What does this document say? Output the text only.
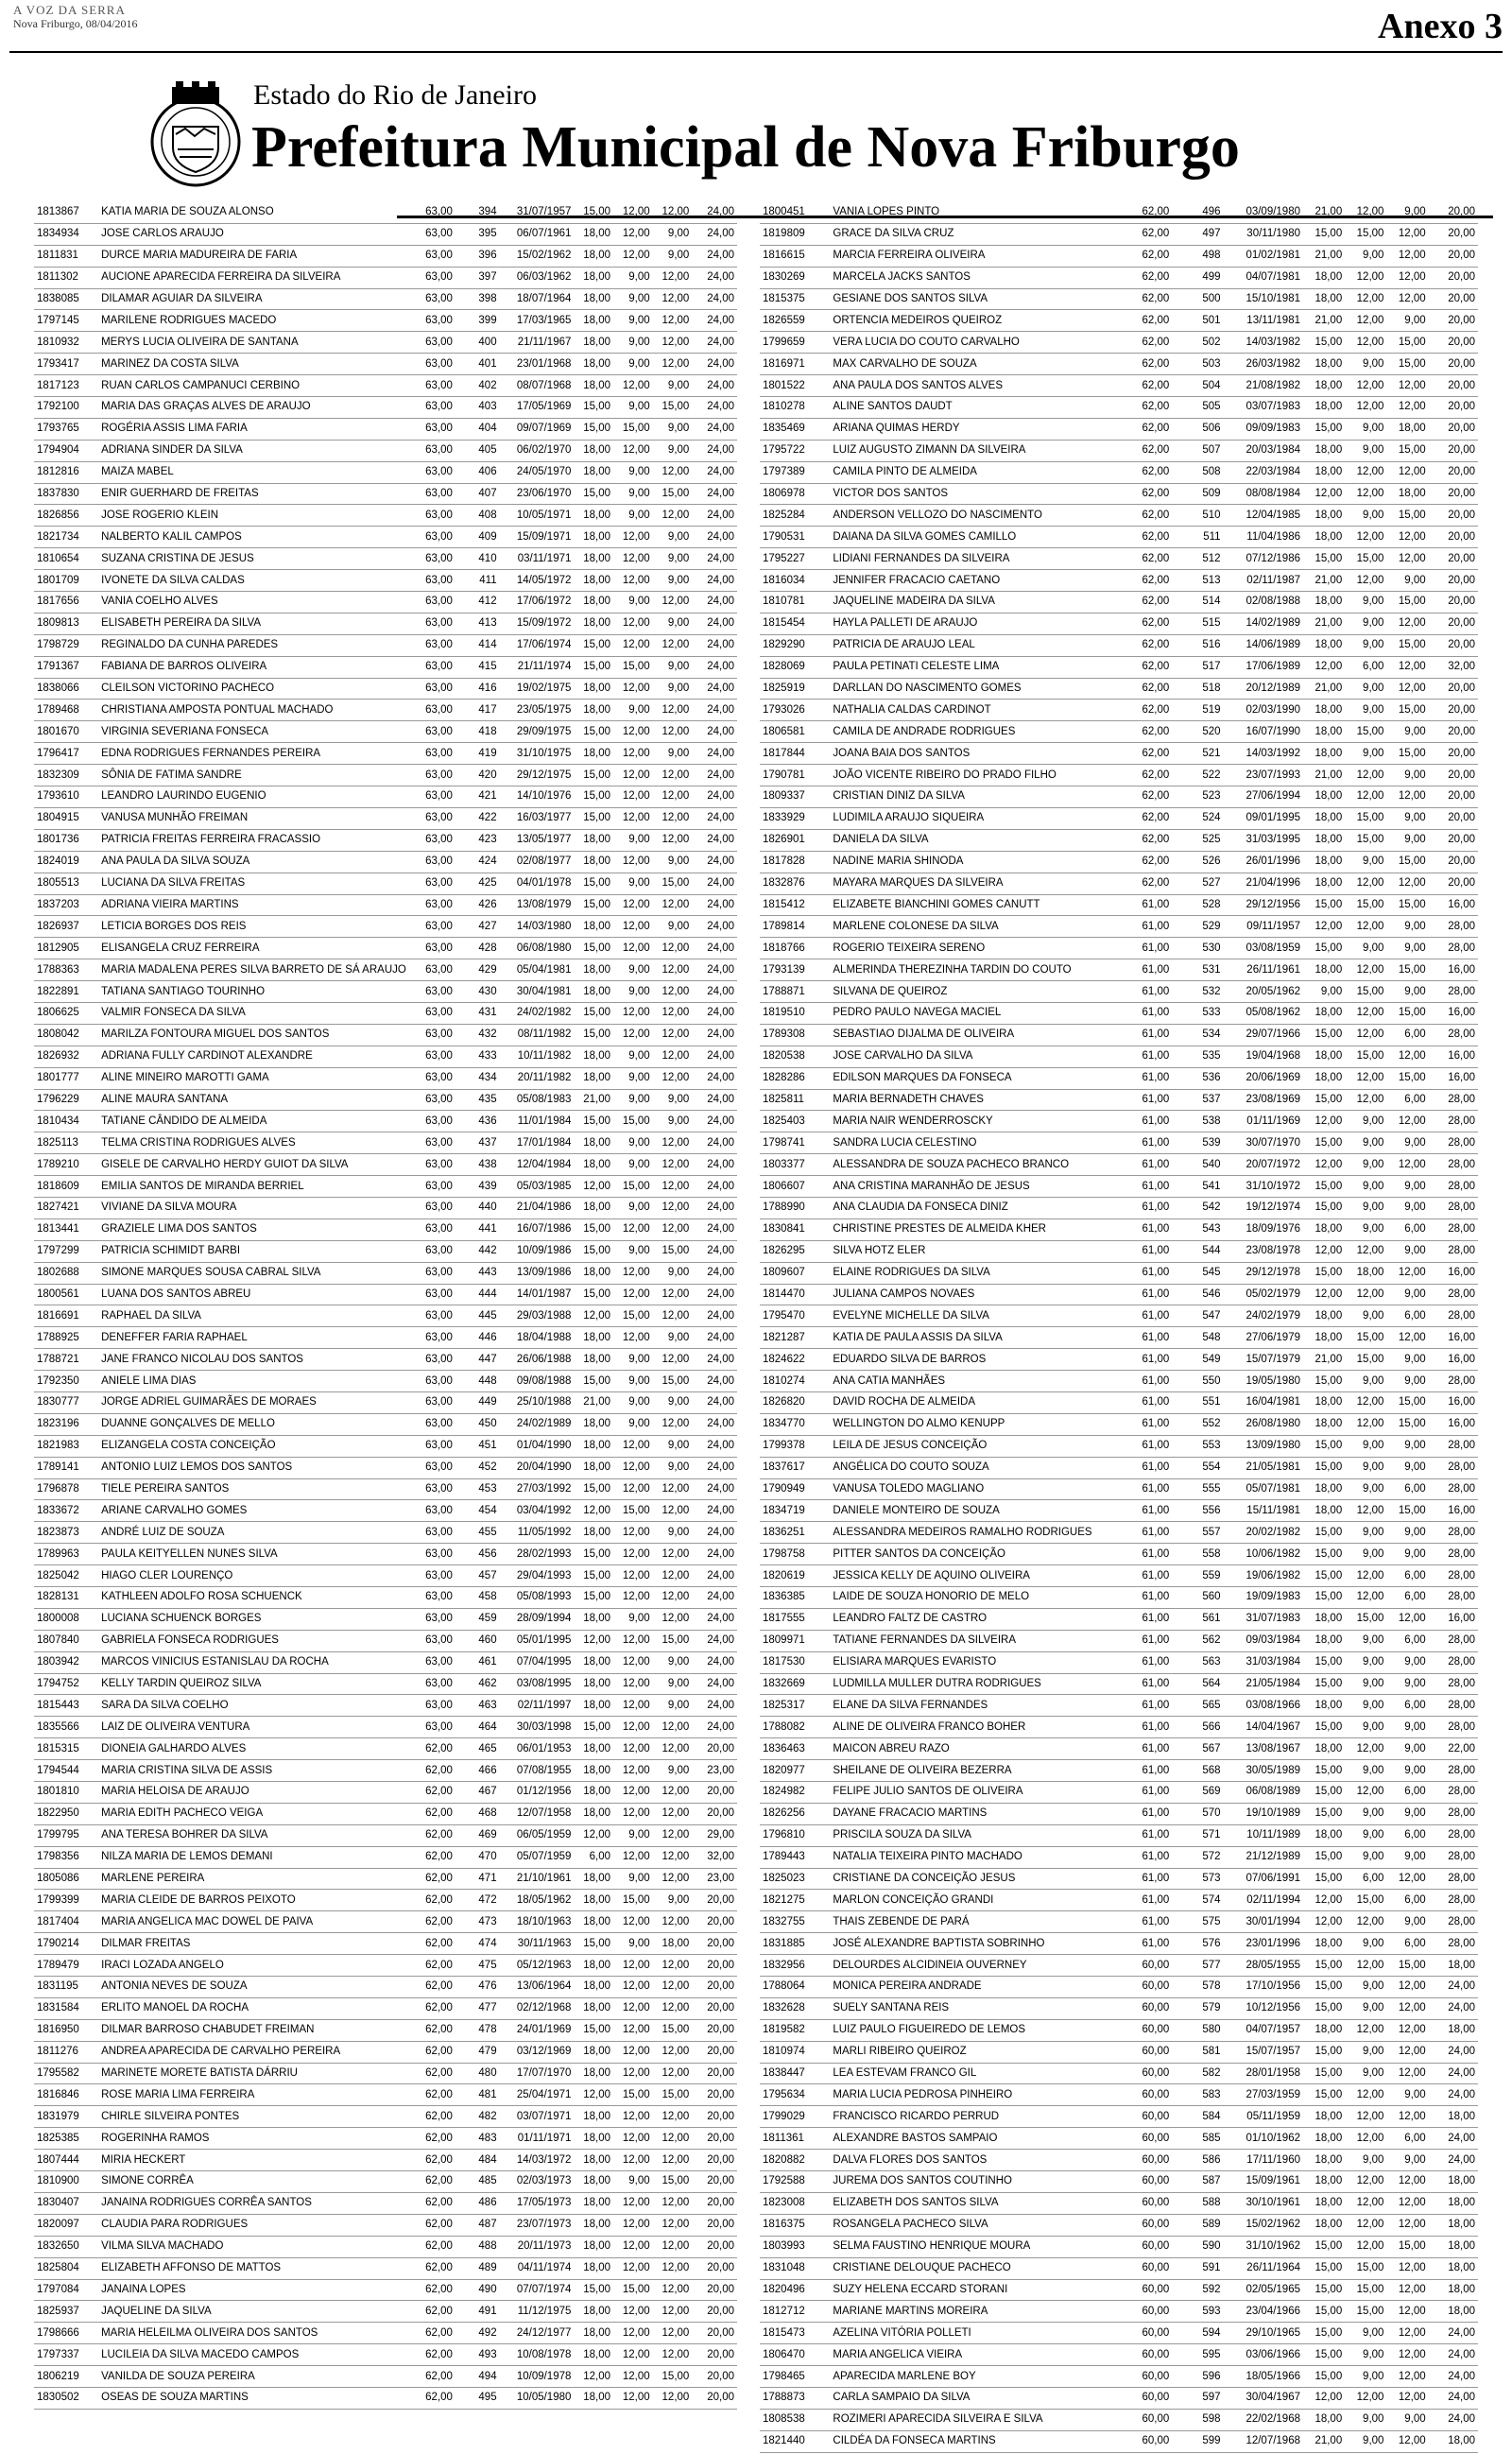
A VOZ DA SERRA
Nova Friburgo, 08/04/2016	Anexo 3
Estado do Rio de Janeiro
Prefeitura Municipal de Nova Friburgo
1813867	KATIA MARIA DE SOUZA ALONSO	63,00	394	31/07/1957	15,00	12,00	12,00	24,00
1834934	JOSE CARLOS ARAUJO	63,00	395	06/07/1961	18,00	12,00	9,00	24,00
1811831	DURCE MARIA MADUREIRA DE FARIA	63,00	396	15/02/1962	18,00	12,00	9,00	24,00
1811302	AUCIONE APARECIDA FERREIRA DA SILVEIRA	63,00	397	06/03/1962	18,00	9,00	12,00	24,00
1838085	DILAMAR AGUIAR DA SILVEIRA	63,00	398	18/07/1964	18,00	9,00	12,00	24,00
1797145	MARILENE RODRIGUES MACEDO	63,00	399	17/03/1965	18,00	9,00	12,00	24,00
1810932	MERYS LUCIA OLIVEIRA DE SANTANA	63,00	400	21/11/1967	18,00	9,00	12,00	24,00
1793417	MARINEZ DA COSTA SILVA	63,00	401	23/01/1968	18,00	9,00	12,00	24,00
1817123	RUAN CARLOS CAMPANUCI CERBINO	63,00	402	08/07/1968	18,00	12,00	9,00	24,00
1792100	MARIA DAS GRAÇAS ALVES DE ARAUJO	63,00	403	17/05/1969	15,00	9,00	15,00	24,00
1793765	ROGÉRIA ASSIS LIMA FARIA	63,00	404	09/07/1969	15,00	15,00	9,00	24,00
1794904	ADRIANA SINDER DA SILVA	63,00	405	06/02/1970	18,00	12,00	9,00	24,00
1812816	MAIZA MABEL	63,00	406	24/05/1970	18,00	9,00	12,00	24,00
1837830	ENIR GUERHARD DE FREITAS	63,00	407	23/06/1970	15,00	9,00	15,00	24,00
1826856	JOSE ROGERIO KLEIN	63,00	408	10/05/1971	18,00	9,00	12,00	24,00
1821734	NALBERTO KALIL CAMPOS	63,00	409	15/09/1971	18,00	12,00	9,00	24,00
1810654	SUZANA CRISTINA DE JESUS	63,00	410	03/11/1971	18,00	12,00	9,00	24,00
1801709	IVONETE DA SILVA CALDAS	63,00	411	14/05/1972	18,00	12,00	9,00	24,00
1817656	VANIA COELHO ALVES	63,00	412	17/06/1972	18,00	9,00	12,00	24,00
1809813	ELISABETH PEREIRA DA SILVA	63,00	413	15/09/1972	18,00	12,00	9,00	24,00
1798729	REGINALDO DA CUNHA PAREDES	63,00	414	17/06/1974	15,00	12,00	12,00	24,00
1791367	FABIANA DE BARROS OLIVEIRA	63,00	415	21/11/1974	15,00	15,00	9,00	24,00
1838066	CLEILSON VICTORINO PACHECO	63,00	416	19/02/1975	18,00	12,00	9,00	24,00
1789468	CHRISTIANA AMPOSTA PONTUAL MACHADO	63,00	417	23/05/1975	18,00	9,00	12,00	24,00
1801670	VIRGINIA SEVERIANA FONSECA	63,00	418	29/09/1975	15,00	12,00	12,00	24,00
1796417	EDNA RODRIGUES FERNANDES PEREIRA	63,00	419	31/10/1975	18,00	12,00	9,00	24,00
1832309	SÔNIA DE FATIMA SANDRE	63,00	420	29/12/1975	15,00	12,00	12,00	24,00
1793610	LEANDRO LAURINDO EUGENIO	63,00	421	14/10/1976	15,00	12,00	12,00	24,00
1804915	VANUSA MUNHÃO FREIMAN	63,00	422	16/03/1977	15,00	12,00	12,00	24,00
1801736	PATRICIA FREITAS FERREIRA FRACASSIO	63,00	423	13/05/1977	18,00	9,00	12,00	24,00
1824019	ANA PAULA DA SILVA SOUZA	63,00	424	02/08/1977	18,00	12,00	9,00	24,00
1805513	LUCIANA DA SILVA FREITAS	63,00	425	04/01/1978	15,00	9,00	15,00	24,00
1837203	ADRIANA VIEIRA MARTINS	63,00	426	13/08/1979	15,00	12,00	12,00	24,00
1826937	LETICIA BORGES DOS REIS	63,00	427	14/03/1980	18,00	12,00	9,00	24,00
1812905	ELISANGELA CRUZ FERREIRA	63,00	428	06/08/1980	15,00	12,00	12,00	24,00
1788363	MARIA MADALENA PERES SILVA BARRETO DE SÁ ARAUJO	63,00	429	05/04/1981	18,00	9,00	12,00	24,00
1822891	TATIANA SANTIAGO TOURINHO	63,00	430	30/04/1981	18,00	9,00	12,00	24,00
1806625	VALMIR FONSECA DA SILVA	63,00	431	24/02/1982	15,00	12,00	12,00	24,00
1808042	MARILZA FONTOURA MIGUEL DOS SANTOS	63,00	432	08/11/1982	15,00	12,00	12,00	24,00
1826932	ADRIANA FULLY CARDINOT ALEXANDRE	63,00	433	10/11/1982	18,00	9,00	12,00	24,00
1801777	ALINE MINEIRO MAROTTI GAMA	63,00	434	20/11/1982	18,00	9,00	12,00	24,00
1796229	ALINE MAURA SANTANA	63,00	435	05/08/1983	21,00	9,00	9,00	24,00
1810434	TATIANE CÂNDIDO DE ALMEIDA	63,00	436	11/01/1984	15,00	15,00	9,00	24,00
1825113	TELMA CRISTINA RODRIGUES ALVES	63,00	437	17/01/1984	18,00	9,00	12,00	24,00
1789210	GISELE DE CARVALHO HERDY GUIOT DA SILVA	63,00	438	12/04/1984	18,00	9,00	12,00	24,00
1818609	EMILIA SANTOS DE MIRANDA BERRIEL	63,00	439	05/03/1985	12,00	15,00	12,00	24,00
1827421	VIVIANE DA SILVA MOURA	63,00	440	21/04/1986	18,00	9,00	12,00	24,00
1813441	GRAZIELE LIMA DOS SANTOS	63,00	441	16/07/1986	15,00	12,00	12,00	24,00
1797299	PATRICIA SCHIMIDT BARBI	63,00	442	10/09/1986	15,00	9,00	15,00	24,00
1802688	SIMONE MARQUES SOUSA CABRAL SILVA	63,00	443	13/09/1986	18,00	12,00	9,00	24,00
1800561	LUANA DOS SANTOS ABREU	63,00	444	14/01/1987	15,00	12,00	12,00	24,00
1816691	RAPHAEL DA SILVA	63,00	445	29/03/1988	12,00	15,00	12,00	24,00
1788925	DENEFFER FARIA RAPHAEL	63,00	446	18/04/1988	18,00	12,00	9,00	24,00
1788721	JANE FRANCO NICOLAU DOS SANTOS	63,00	447	26/06/1988	18,00	9,00	12,00	24,00
1792350	ANIELE LIMA DIAS	63,00	448	09/08/1988	15,00	9,00	15,00	24,00
1830777	JORGE ADRIEL GUIMARÃES DE MORAES	63,00	449	25/10/1988	21,00	9,00	9,00	24,00
1823196	DUANNE GONÇALVES DE MELLO	63,00	450	24/02/1989	18,00	9,00	12,00	24,00
1821983	ELIZANGELA COSTA CONCEIÇÃO	63,00	451	01/04/1990	18,00	12,00	9,00	24,00
1789141	ANTONIO LUIZ LEMOS DOS SANTOS	63,00	452	20/04/1990	18,00	12,00	9,00	24,00
1796878	TIELE PEREIRA SANTOS	63,00	453	27/03/1992	15,00	12,00	12,00	24,00
1833672	ARIANE CARVALHO GOMES	63,00	454	03/04/1992	12,00	15,00	12,00	24,00
1823873	ANDRÉ LUIZ DE SOUZA	63,00	455	11/05/1992	18,00	12,00	9,00	24,00
1789963	PAULA KEITYELLEN NUNES SILVA	63,00	456	28/02/1993	15,00	12,00	12,00	24,00
1825042	HIAGO CLER LOURENÇO	63,00	457	29/04/1993	15,00	12,00	12,00	24,00
1828131	KATHLEEN ADOLFO ROSA SCHUENCK	63,00	458	05/08/1993	15,00	12,00	12,00	24,00
1800008	LUCIANA SCHUENCK BORGES	63,00	459	28/09/1994	18,00	9,00	12,00	24,00
1807840	GABRIELA FONSECA RODRIGUES	63,00	460	05/01/1995	12,00	12,00	15,00	24,00
1803942	MARCOS VINICIUS ESTANISLAU DA ROCHA	63,00	461	07/04/1995	18,00	12,00	9,00	24,00
1794752	KELLY TARDIN QUEIROZ SILVA	63,00	462	03/08/1995	18,00	12,00	9,00	24,00
1815443	SARA DA SILVA COELHO	63,00	463	02/11/1997	18,00	12,00	9,00	24,00
1835566	LAIZ DE OLIVEIRA VENTURA	63,00	464	30/03/1998	15,00	12,00	12,00	24,00
1815315	DIONEIA GALHARDO ALVES	62,00	465	06/01/1953	18,00	12,00	12,00	20,00
1794544	MARIA CRISTINA SILVA DE ASSIS	62,00	466	07/08/1955	18,00	12,00	9,00	23,00
1801810	MARIA HELOISA DE ARAUJO	62,00	467	01/12/1956	18,00	12,00	12,00	20,00
1822950	MARIA EDITH PACHECO VEIGA	62,00	468	12/07/1958	18,00	12,00	12,00	20,00
1799795	ANA TERESA BOHRER DA SILVA	62,00	469	06/05/1959	12,00	9,00	12,00	29,00
1798356	NILZA MARIA DE LEMOS DEMANI	62,00	470	05/07/1959	6,00	12,00	12,00	32,00
1805086	MARLENE PEREIRA	62,00	471	21/10/1961	18,00	9,00	12,00	23,00
1799399	MARIA CLEIDE DE BARROS PEIXOTO	62,00	472	18/05/1962	18,00	15,00	9,00	20,00
1817404	MARIA ANGELICA MAC DOWEL DE PAIVA	62,00	473	18/10/1963	18,00	12,00	12,00	20,00
1790214	DILMAR FREITAS	62,00	474	30/11/1963	15,00	9,00	18,00	20,00
1789479	IRACI LOZADA ANGELO	62,00	475	05/12/1963	18,00	12,00	12,00	20,00
1831195	ANTONIA NEVES DE SOUZA	62,00	476	13/06/1964	18,00	12,00	12,00	20,00
1831584	ERLITO MANOEL DA ROCHA	62,00	477	02/12/1968	18,00	12,00	12,00	20,00
1816950	DILMAR BARROSO CHABUDET FREIMAN	62,00	478	24/01/1969	15,00	12,00	15,00	20,00
1811276	ANDREA APARECIDA DE CARVALHO PEREIRA	62,00	479	03/12/1969	18,00	12,00	12,00	20,00
1795582	MARINETE MORETE BATISTA DÁRRIU	62,00	480	17/07/1970	18,00	12,00	12,00	20,00
1816846	ROSE MARIA LIMA FERREIRA	62,00	481	25/04/1971	12,00	15,00	15,00	20,00
1831979	CHIRLE SILVEIRA PONTES	62,00	482	03/07/1971	18,00	12,00	12,00	20,00
1825385	ROGERINHA RAMOS	62,00	483	01/11/1971	18,00	12,00	12,00	20,00
1807444	MIRIA HECKERT	62,00	484	14/03/1972	18,00	12,00	12,00	20,00
1810900	SIMONE CORRÊA	62,00	485	02/03/1973	18,00	9,00	15,00	20,00
1830407	JANAINA RODRIGUES CORRÊA SANTOS	62,00	486	17/05/1973	18,00	12,00	12,00	20,00
1820097	CLAUDIA PARA RODRIGUES	62,00	487	23/07/1973	18,00	12,00	12,00	20,00
1832650	VILMA SILVA MACHADO	62,00	488	20/11/1973	18,00	12,00	12,00	20,00
1825804	ELIZABETH AFFONSO DE MATTOS	62,00	489	04/11/1974	18,00	12,00	12,00	20,00
1797084	JANAINA LOPES	62,00	490	07/07/1974	15,00	15,00	12,00	20,00
1825937	JAQUELINE DA SILVA	62,00	491	11/12/1975	18,00	12,00	12,00	20,00
1798666	MARIA HELEILMA OLIVEIRA DOS SANTOS	62,00	492	24/12/1977	18,00	12,00	12,00	20,00
1797337	LUCILEIA DA SILVA MACEDO CAMPOS	62,00	493	10/08/1978	18,00	12,00	12,00	20,00
1806219	VANILDA DE SOUZA PEREIRA	62,00	494	10/09/1978	12,00	12,00	15,00	20,00
1830502	OSEAS DE SOUZA MARTINS	62,00	495	10/05/1980	18,00	12,00	12,00	20,00
1800451	VANIA LOPES PINTO	62,00	496	03/09/1980	21,00	12,00	9,00	20,00
1819809	GRACE DA SILVA CRUZ	62,00	497	30/11/1980	15,00	15,00	12,00	20,00
1816615	MARCIA FERREIRA OLIVEIRA	62,00	498	01/02/1981	21,00	9,00	12,00	20,00
1830269	MARCELA JACKS SANTOS	62,00	499	04/07/1981	18,00	12,00	12,00	20,00
1815375	GESIANE DOS SANTOS SILVA	62,00	500	15/10/1981	18,00	12,00	12,00	20,00
1826559	ORTENCIA MEDEIROS QUEIROZ	62,00	501	13/11/1981	21,00	12,00	9,00	20,00
1799659	VERA LUCIA DO COUTO CARVALHO	62,00	502	14/03/1982	15,00	12,00	15,00	20,00
1816971	MAX CARVALHO DE SOUZA	62,00	503	26/03/1982	18,00	9,00	15,00	20,00
1801522	ANA PAULA DOS SANTOS ALVES	62,00	504	21/08/1982	18,00	12,00	12,00	20,00
1810278	ALINE SANTOS DAUDT	62,00	505	03/07/1983	18,00	12,00	12,00	20,00
1835469	ARIANA QUIMAS HERDY	62,00	506	09/09/1983	15,00	9,00	18,00	20,00
1795722	LUIZ AUGUSTO ZIMANN DA SILVEIRA	62,00	507	20/03/1984	18,00	9,00	15,00	20,00
1797389	CAMILA PINTO DE ALMEIDA	62,00	508	22/03/1984	18,00	12,00	12,00	20,00
1806978	VICTOR DOS SANTOS	62,00	509	08/08/1984	12,00	12,00	18,00	20,00
1825284	ANDERSON VELLOZO DO NASCIMENTO	62,00	510	12/04/1985	18,00	9,00	15,00	20,00
1790531	DAIANA DA SILVA GOMES CAMILLO	62,00	511	11/04/1986	18,00	12,00	12,00	20,00
1795227	LIDIANI FERNANDES DA SILVEIRA	62,00	512	07/12/1986	15,00	15,00	12,00	20,00
1816034	JENNIFER FRACACIO CAETANO	62,00	513	02/11/1987	21,00	12,00	9,00	20,00
1810781	JAQUELINE MADEIRA DA SILVA	62,00	514	02/08/1988	18,00	9,00	15,00	20,00
1815454	HAYLA PALLETI DE ARAUJO	62,00	515	14/02/1989	21,00	9,00	12,00	20,00
1829290	PATRICIA DE ARAUJO LEAL	62,00	516	14/06/1989	18,00	9,00	15,00	20,00
1828069	PAULA PETINATI CELESTE LIMA	62,00	517	17/06/1989	12,00	6,00	12,00	32,00
1825919	DARLLAN DO NASCIMENTO GOMES	62,00	518	20/12/1989	21,00	9,00	12,00	20,00
1793026	NATHALIA CALDAS CARDINOT	62,00	519	02/03/1990	18,00	9,00	15,00	20,00
1806581	CAMILA DE ANDRADE RODRIGUES	62,00	520	16/07/1990	18,00	15,00	9,00	20,00
1817844	JOANA BAIA DOS SANTOS	62,00	521	14/03/1992	18,00	9,00	15,00	20,00
1790781	JOÃO VICENTE RIBEIRO DO PRADO FILHO	62,00	522	23/07/1993	21,00	12,00	9,00	20,00
1809337	CRISTIAN DINIZ DA SILVA	62,00	523	27/06/1994	18,00	12,00	12,00	20,00
1833929	LUDIMILA ARAUJO SIQUEIRA	62,00	524	09/01/1995	18,00	15,00	9,00	20,00
1826901	DANIELA DA SILVA	62,00	525	31/03/1995	18,00	15,00	9,00	20,00
1817828	NADINE MARIA SHINODA	62,00	526	26/01/1996	18,00	9,00	15,00	20,00
1832876	MAYARA MARQUES DA SILVEIRA	62,00	527	21/04/1996	18,00	12,00	12,00	20,00
1815412	ELIZABETE BIANCHINI GOMES CANUTT	61,00	528	29/12/1956	15,00	15,00	15,00	16,00
1789814	MARLENE COLONESE DA SILVA	61,00	529	09/11/1957	12,00	12,00	9,00	28,00
1818766	ROGERIO TEIXEIRA SERENO	61,00	530	03/08/1959	15,00	9,00	9,00	28,00
1793139	ALMERINDA THEREZINHA TARDIN DO COUTO	61,00	531	26/11/1961	18,00	12,00	15,00	16,00
1788871	SILVANA DE QUEIROZ	61,00	532	20/05/1962	9,00	15,00	9,00	28,00
1819510	PEDRO PAULO NAVEGA MACIEL	61,00	533	05/08/1962	18,00	12,00	15,00	16,00
1789308	SEBASTIAO DIJALMA DE OLIVEIRA	61,00	534	29/07/1966	15,00	12,00	6,00	28,00
1820538	JOSE CARVALHO DA SILVA	61,00	535	19/04/1968	18,00	15,00	12,00	16,00
1828286	EDILSON MARQUES DA FONSECA	61,00	536	20/06/1969	18,00	12,00	15,00	16,00
1825811	MARIA BERNADETH CHAVES	61,00	537	23/08/1969	15,00	12,00	6,00	28,00
1825403	MARIA NAIR WENDERROSCKY	61,00	538	01/11/1969	12,00	9,00	12,00	28,00
1798741	SANDRA LUCIA CELESTINO	61,00	539	30/07/1970	15,00	9,00	9,00	28,00
1803377	ALESSANDRA DE SOUZA PACHECO BRANCO	61,00	540	20/07/1972	12,00	9,00	12,00	28,00
1806607	ANA CRISTINA MARANHÃO DE JESUS	61,00	541	31/10/1972	15,00	9,00	9,00	28,00
1788990	ANA CLAUDIA DA FONSECA DINIZ	61,00	542	19/12/1974	15,00	9,00	9,00	28,00
1830841	CHRISTINE PRESTES DE ALMEIDA KHER	61,00	543	18/09/1976	18,00	9,00	6,00	28,00
1826295	SILVA HOTZ ELER	61,00	544	23/08/1978	12,00	12,00	9,00	28,00
1809607	ELAINE RODRIGUES DA SILVA	61,00	545	29/12/1978	15,00	18,00	12,00	16,00
1814470	JULIANA CAMPOS NOVAES	61,00	546	05/02/1979	12,00	12,00	9,00	28,00
1795470	EVELYNE MICHELLE DA SILVA	61,00	547	24/02/1979	18,00	9,00	6,00	28,00
1821287	KATIA DE PAULA ASSIS DA SILVA	61,00	548	27/06/1979	18,00	15,00	12,00	16,00
1824622	EDUARDO SILVA DE BARROS	61,00	549	15/07/1979	21,00	15,00	9,00	16,00
1810274	ANA CATIA MANHÃES	61,00	550	19/05/1980	15,00	9,00	9,00	28,00
1826820	DAVID ROCHA DE ALMEIDA	61,00	551	16/04/1981	18,00	12,00	15,00	16,00
1834770	WELLINGTON DO ALMO KENUPP	61,00	552	26/08/1980	18,00	12,00	15,00	16,00
1799378	LEILA DE JESUS CONCEIÇÃO	61,00	553	13/09/1980	15,00	9,00	9,00	28,00
1837617	ANGÉLICA DO COUTO SOUZA	61,00	554	21/05/1981	15,00	9,00	9,00	28,00
1790949	VANUSA TOLEDO MAGLIANO	61,00	555	05/07/1981	18,00	9,00	6,00	28,00
1834719	DANIELE MONTEIRO DE SOUZA	61,00	556	15/11/1981	18,00	12,00	15,00	16,00
1836251	ALESSANDRA MEDEIROS RAMALHO RODRIGUES	61,00	557	20/02/1982	15,00	9,00	9,00	28,00
1798758	PITTER SANTOS DA CONCEIÇÃO	61,00	558	10/06/1982	15,00	9,00	9,00	28,00
1820619	JESSICA KELLY DE AQUINO OLIVEIRA	61,00	559	19/06/1982	15,00	12,00	6,00	28,00
1836385	LAIDE DE SOUZA HONORIO DE MELO	61,00	560	19/09/1983	15,00	12,00	6,00	28,00
1817555	LEANDRO FALTZ DE CASTRO	61,00	561	31/07/1983	18,00	15,00	12,00	16,00
1809971	TATIANE FERNANDES DA SILVEIRA	61,00	562	09/03/1984	18,00	9,00	6,00	28,00
1817530	ELISIARA MARQUES EVARISTO	61,00	563	31/03/1984	15,00	9,00	9,00	28,00
1832669	LUDMILLA MULLER DUTRA RODRIGUES	61,00	564	21/05/1984	15,00	9,00	9,00	28,00
1825317	ELANE DA SILVA FERNANDES	61,00	565	03/08/1966	18,00	9,00	6,00	28,00
1788082	ALINE DE OLIVEIRA FRANCO BOHER	61,00	566	14/04/1967	15,00	9,00	9,00	28,00
1836463	MAICON ABREU RAZO	61,00	567	13/08/1967	18,00	12,00	9,00	22,00
1820977	SHEILANE DE OLIVEIRA BEZERRA	61,00	568	30/05/1989	15,00	9,00	9,00	28,00
1824982	FELIPE JULIO SANTOS DE OLIVEIRA	61,00	569	06/08/1989	15,00	12,00	6,00	28,00
1826256	DAYANE FRACACIO MARTINS	61,00	570	19/10/1989	15,00	9,00	9,00	28,00
1796810	PRISCILA SOUZA DA SILVA	61,00	571	10/11/1989	18,00	9,00	6,00	28,00
1789443	NATALIA TEIXEIRA PINTO MACHADO	61,00	572	21/12/1989	15,00	9,00	9,00	28,00
1825023	CRISTIANE DA CONCEIÇÃO JESUS	61,00	573	07/06/1991	15,00	6,00	12,00	28,00
1821275	MARLON CONCEIÇÃO GRANDI	61,00	574	02/11/1994	12,00	15,00	6,00	28,00
1832755	THAIS ZEBENDE DE PARÁ	61,00	575	30/01/1994	12,00	12,00	9,00	28,00
1831885	JOSÉ ALEXANDRE BAPTISTA SOBRINHO	61,00	576	23/01/1996	18,00	9,00	6,00	28,00
1832956	DELOURDES ALCIDINEIA OUVERNEY	60,00	577	28/05/1955	15,00	12,00	15,00	18,00
1788064	MONICA PEREIRA ANDRADE	60,00	578	17/10/1956	15,00	9,00	12,00	24,00
1832628	SUELY SANTANA REIS	60,00	579	10/12/1956	15,00	9,00	12,00	24,00
1819582	LUIZ PAULO FIGUEIREDO DE LEMOS	60,00	580	04/07/1957	18,00	12,00	12,00	18,00
1810974	MARLI RIBEIRO QUEIROZ	60,00	581	15/07/1957	15,00	9,00	12,00	24,00
1838447	LEA ESTEVAM FRANCO GIL	60,00	582	28/01/1958	15,00	9,00	12,00	24,00
1795634	MARIA LUCIA PEDROSA PINHEIRO	60,00	583	27/03/1959	15,00	12,00	9,00	24,00
1799029	FRANCISCO RICARDO PERRUD	60,00	584	05/11/1959	18,00	12,00	12,00	18,00
1811361	ALEXANDRE BASTOS SAMPAIO	60,00	585	01/10/1962	18,00	12,00	6,00	24,00
1820882	DALVA FLORES DOS SANTOS	60,00	586	17/11/1960	18,00	9,00	9,00	24,00
1792588	JUREMA DOS SANTOS COUTINHO	60,00	587	15/09/1961	18,00	12,00	12,00	18,00
1823008	ELIZABETH DOS SANTOS SILVA	60,00	588	30/10/1961	18,00	12,00	12,00	18,00
1816375	ROSANGELA PACHECO SILVA	60,00	589	15/02/1962	18,00	12,00	12,00	18,00
1803993	SELMA FAUSTINO HENRIQUE MOURA	60,00	590	31/10/1962	15,00	12,00	15,00	18,00
1831048	CRISTIANE DELOUQUE PACHECO	60,00	591	26/11/1964	15,00	15,00	12,00	18,00
1820496	SUZY HELENA ECCARD STORANI	60,00	592	02/05/1965	15,00	15,00	12,00	18,00
1812712	MARIANE MARTINS MOREIRA	60,00	593	23/04/1966	15,00	15,00	12,00	18,00
1815473	AZELINA VITÓRIA POLLETI	60,00	594	29/10/1965	15,00	9,00	12,00	24,00
1806470	MARIA ANGELICA VIEIRA	60,00	595	03/06/1966	15,00	9,00	12,00	24,00
1798465	APARECIDA MARLENE BOY	60,00	596	18/05/1966	15,00	9,00	12,00	24,00
1788873	CARLA SAMPAIO DA SILVA	60,00	597	30/04/1967	12,00	12,00	12,00	24,00
1808538	ROZIMERI APARECIDA SILVEIRA E SILVA	60,00	598	22/02/1968	18,00	9,00	9,00	24,00
1821440	CILDÉA DA FONSECA MARTINS	60,00	599	12/07/1968	21,00	9,00	12,00	18,00
